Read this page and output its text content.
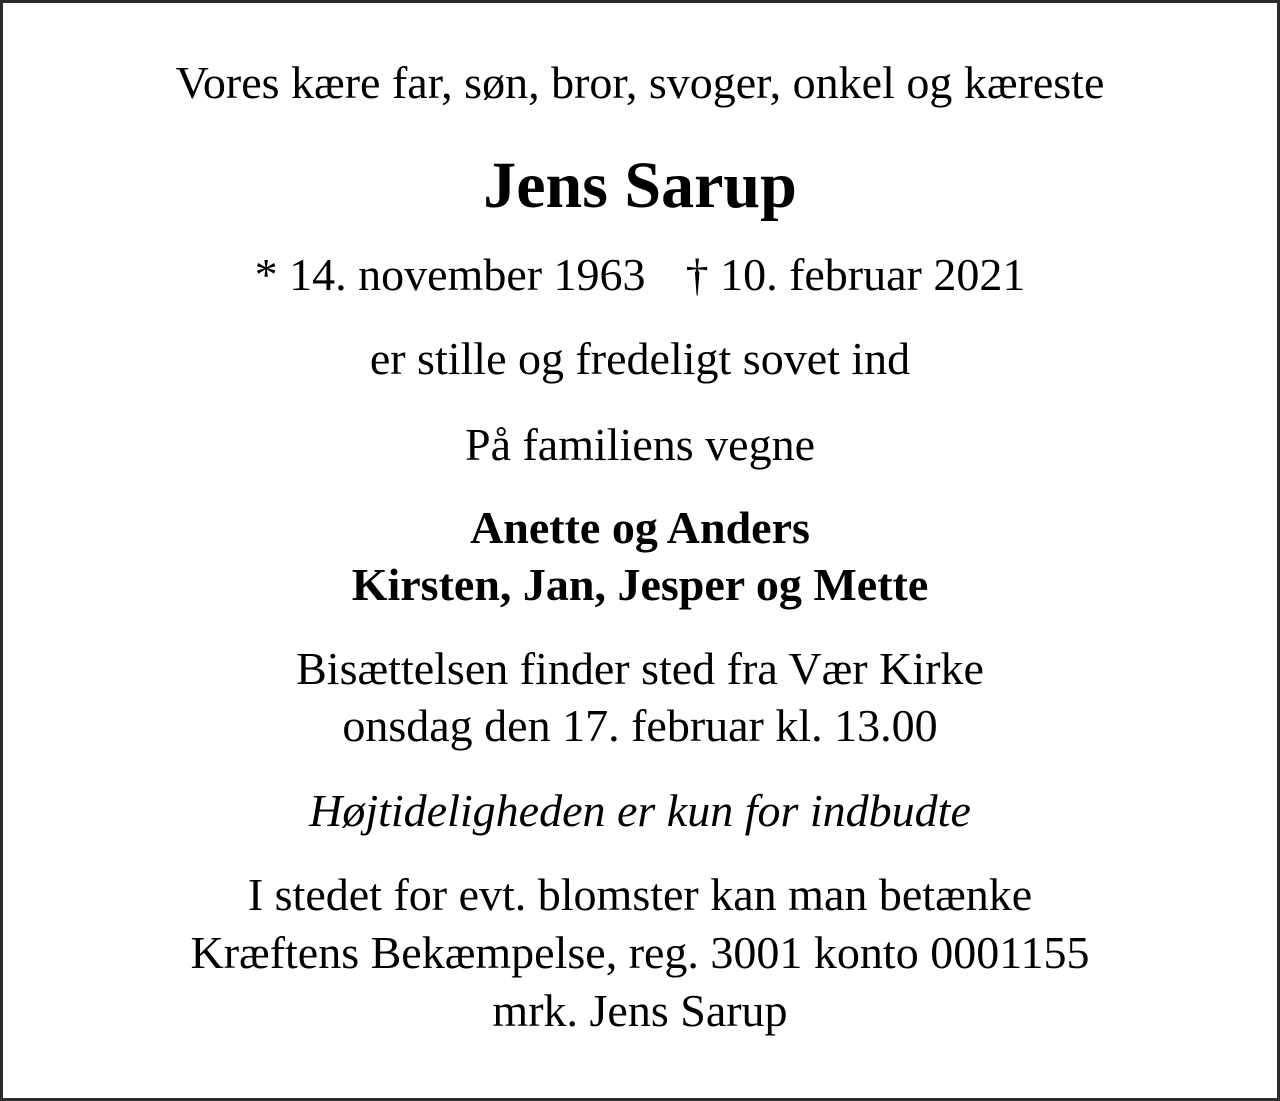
Vores kære far, søn, bror, svoger, onkel og kæreste
Jens Sarup
* 14. november 1963 † 10. februar 2021
er stille og fredeligt sovet ind
På familiens vegne
Anette og Anders
Kirsten, Jan, Jesper og Mette
Bisættelsen finder sted fra Vær Kirke
onsdag den 17. februar kl. 13.00
Højtideligheden er kun for indbudte
I stedet for evt. blomster kan man betænke
Kræftens Bekæmpelse, reg. 3001 konto 0001155
mrk. Jens Sarup
